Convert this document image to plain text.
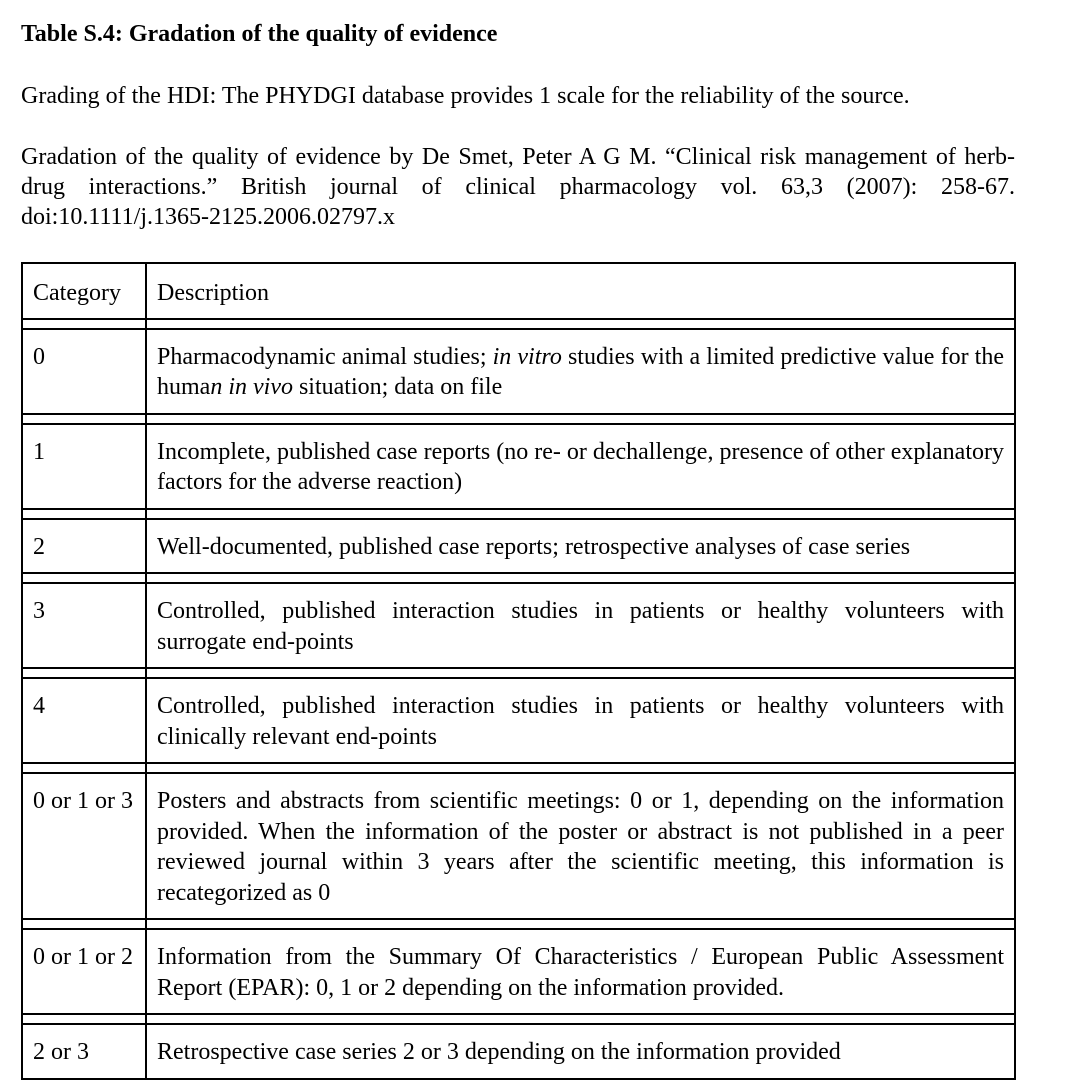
Table S.4: Gradation of the quality of evidence
Grading of the HDI: The PHYDGI database provides 1 scale for the reliability of the source.
Gradation of the quality of evidence by De Smet, Peter A G M. “Clinical risk management of herb-drug interactions.” British journal of clinical pharmacology vol. 63,3 (2007): 258-67. doi:10.1111/j.1365-2125.2006.02797.x
Category	Description

0	Pharmacodynamic animal studies; in vitro studies with a limited predictive value for the human in vivo situation; data on file

1	Incomplete, published case reports (no re- or dechallenge, presence of other explanatory factors for the adverse reaction)

2	Well-documented, published case reports; retrospective analyses of case series

3	Controlled, published interaction studies in patients or healthy volunteers with surrogate end-points

4	Controlled, published interaction studies in patients or healthy volunteers with clinically relevant end-points

0 or 1 or 3	Posters and abstracts from scientific meetings: 0 or 1, depending on the information provided. When the information of the poster or abstract is not published in a peer reviewed journal within 3 years after the scientific meeting, this information is recategorized as 0

0 or 1 or 2	Information from the Summary Of Characteristics / European Public Assessment Report (EPAR): 0, 1 or 2 depending on the information provided.

2 or 3	Retrospective case series 2 or 3 depending on the information provided
